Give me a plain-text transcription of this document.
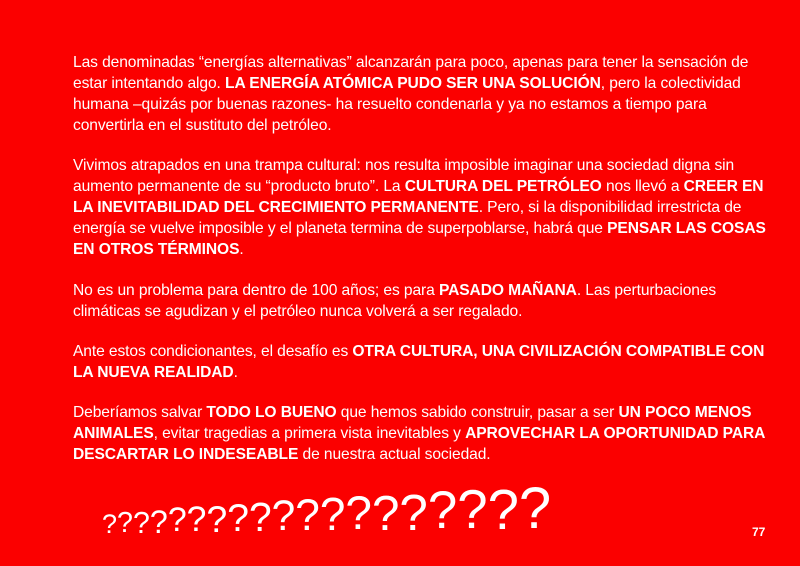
Las denominadas “energías alternativas” alcanzarán para poco, apenas para tener la sensación de estar intentando algo. LA ENERGÍA ATÓMICA PUDO SER UNA SOLUCIÓN, pero la colectividad humana –quizás por buenas razones- ha resuelto condenarla y ya no estamos a tiempo para convertirla en el sustituto del petróleo.

Vivimos atrapados en una trampa cultural: nos resulta imposible imaginar una sociedad digna sin aumento permanente de su “producto bruto”. La CULTURA DEL PETRÓLEO nos llevó a CREER EN LA INEVITABILIDAD DEL CRECIMIENTO PERMANENTE. Pero, si la disponibilidad irrestricta de energía se vuelve imposible y el planeta termina de superpoblarse, habrá que PENSAR LAS COSAS EN OTROS TÉRMINOS.

No es un problema para dentro de 100 años; es para PASADO MAÑANA. Las perturbaciones climáticas se agudizan y el petróleo nunca volverá a ser regalado.

Ante estos condicionantes, el desafío es OTRA CULTURA, UNA CIVILIZACIÓN COMPATIBLE CON LA NUEVA REALIDAD.

Deberíamos salvar TODO LO BUENO que hemos sabido construir, pasar a ser UN POCO MENOS ANIMALES, evitar tragedias a primera vista inevitables y APROVECHAR LA OPORTUNIDAD PARA DESCARTAR LO INDESEABLE de nuestra actual sociedad.

? ? ? ? ? ? ? ? ? ? ? ? ? ? ? ? ? ? ?	77
